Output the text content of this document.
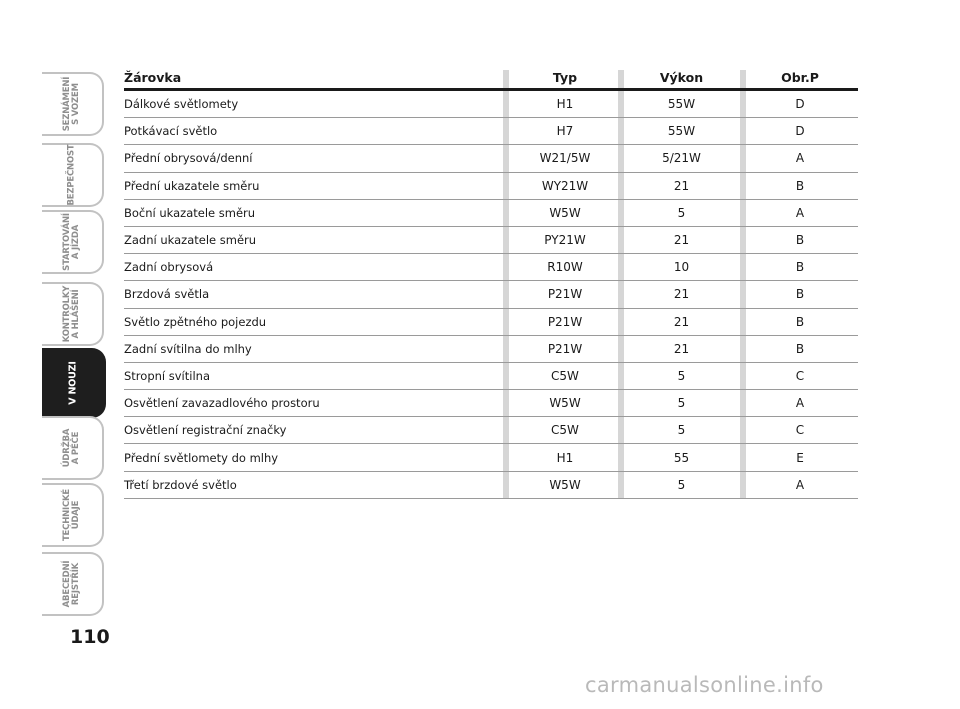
SEZNÁMENÍ
S VOZEM
BEZPEČNOST
STARTOVÁNÍ
A JÍZDA
KONTROLKY
A HLÁŠENÍ
V NOUZI
ÚDRŽBA
A PÉČE
TECHNICKÉ
ÚDAJE
ABECEDNÍ
REJSTŘÍK
110
Žárovka	Typ	Výkon	Obr.P
Dálkové světlomety	H1	55W	D
Potkávací světlo	H7	55W	D
Přední obrysová/denní	W21/5W	5/21W	A
Přední ukazatele směru	WY21W	21	B
Boční ukazatele směru	W5W	5	A
Zadní ukazatele směru	PY21W	21	B
Zadní obrysová	R10W	10	B
Brzdová světla	P21W	21	B
Světlo zpětného pojezdu	P21W	21	B
Zadní svítilna do mlhy	P21W	21	B
Stropní svítilna	C5W	5	C
Osvětlení zavazadlového prostoru	W5W	5	A
Osvětlení registrační značky	C5W	5	C
Přední světlomety do mlhy	H1	55	E
Třetí brzdové světlo	W5W	5	A
carmanualsonline.info
